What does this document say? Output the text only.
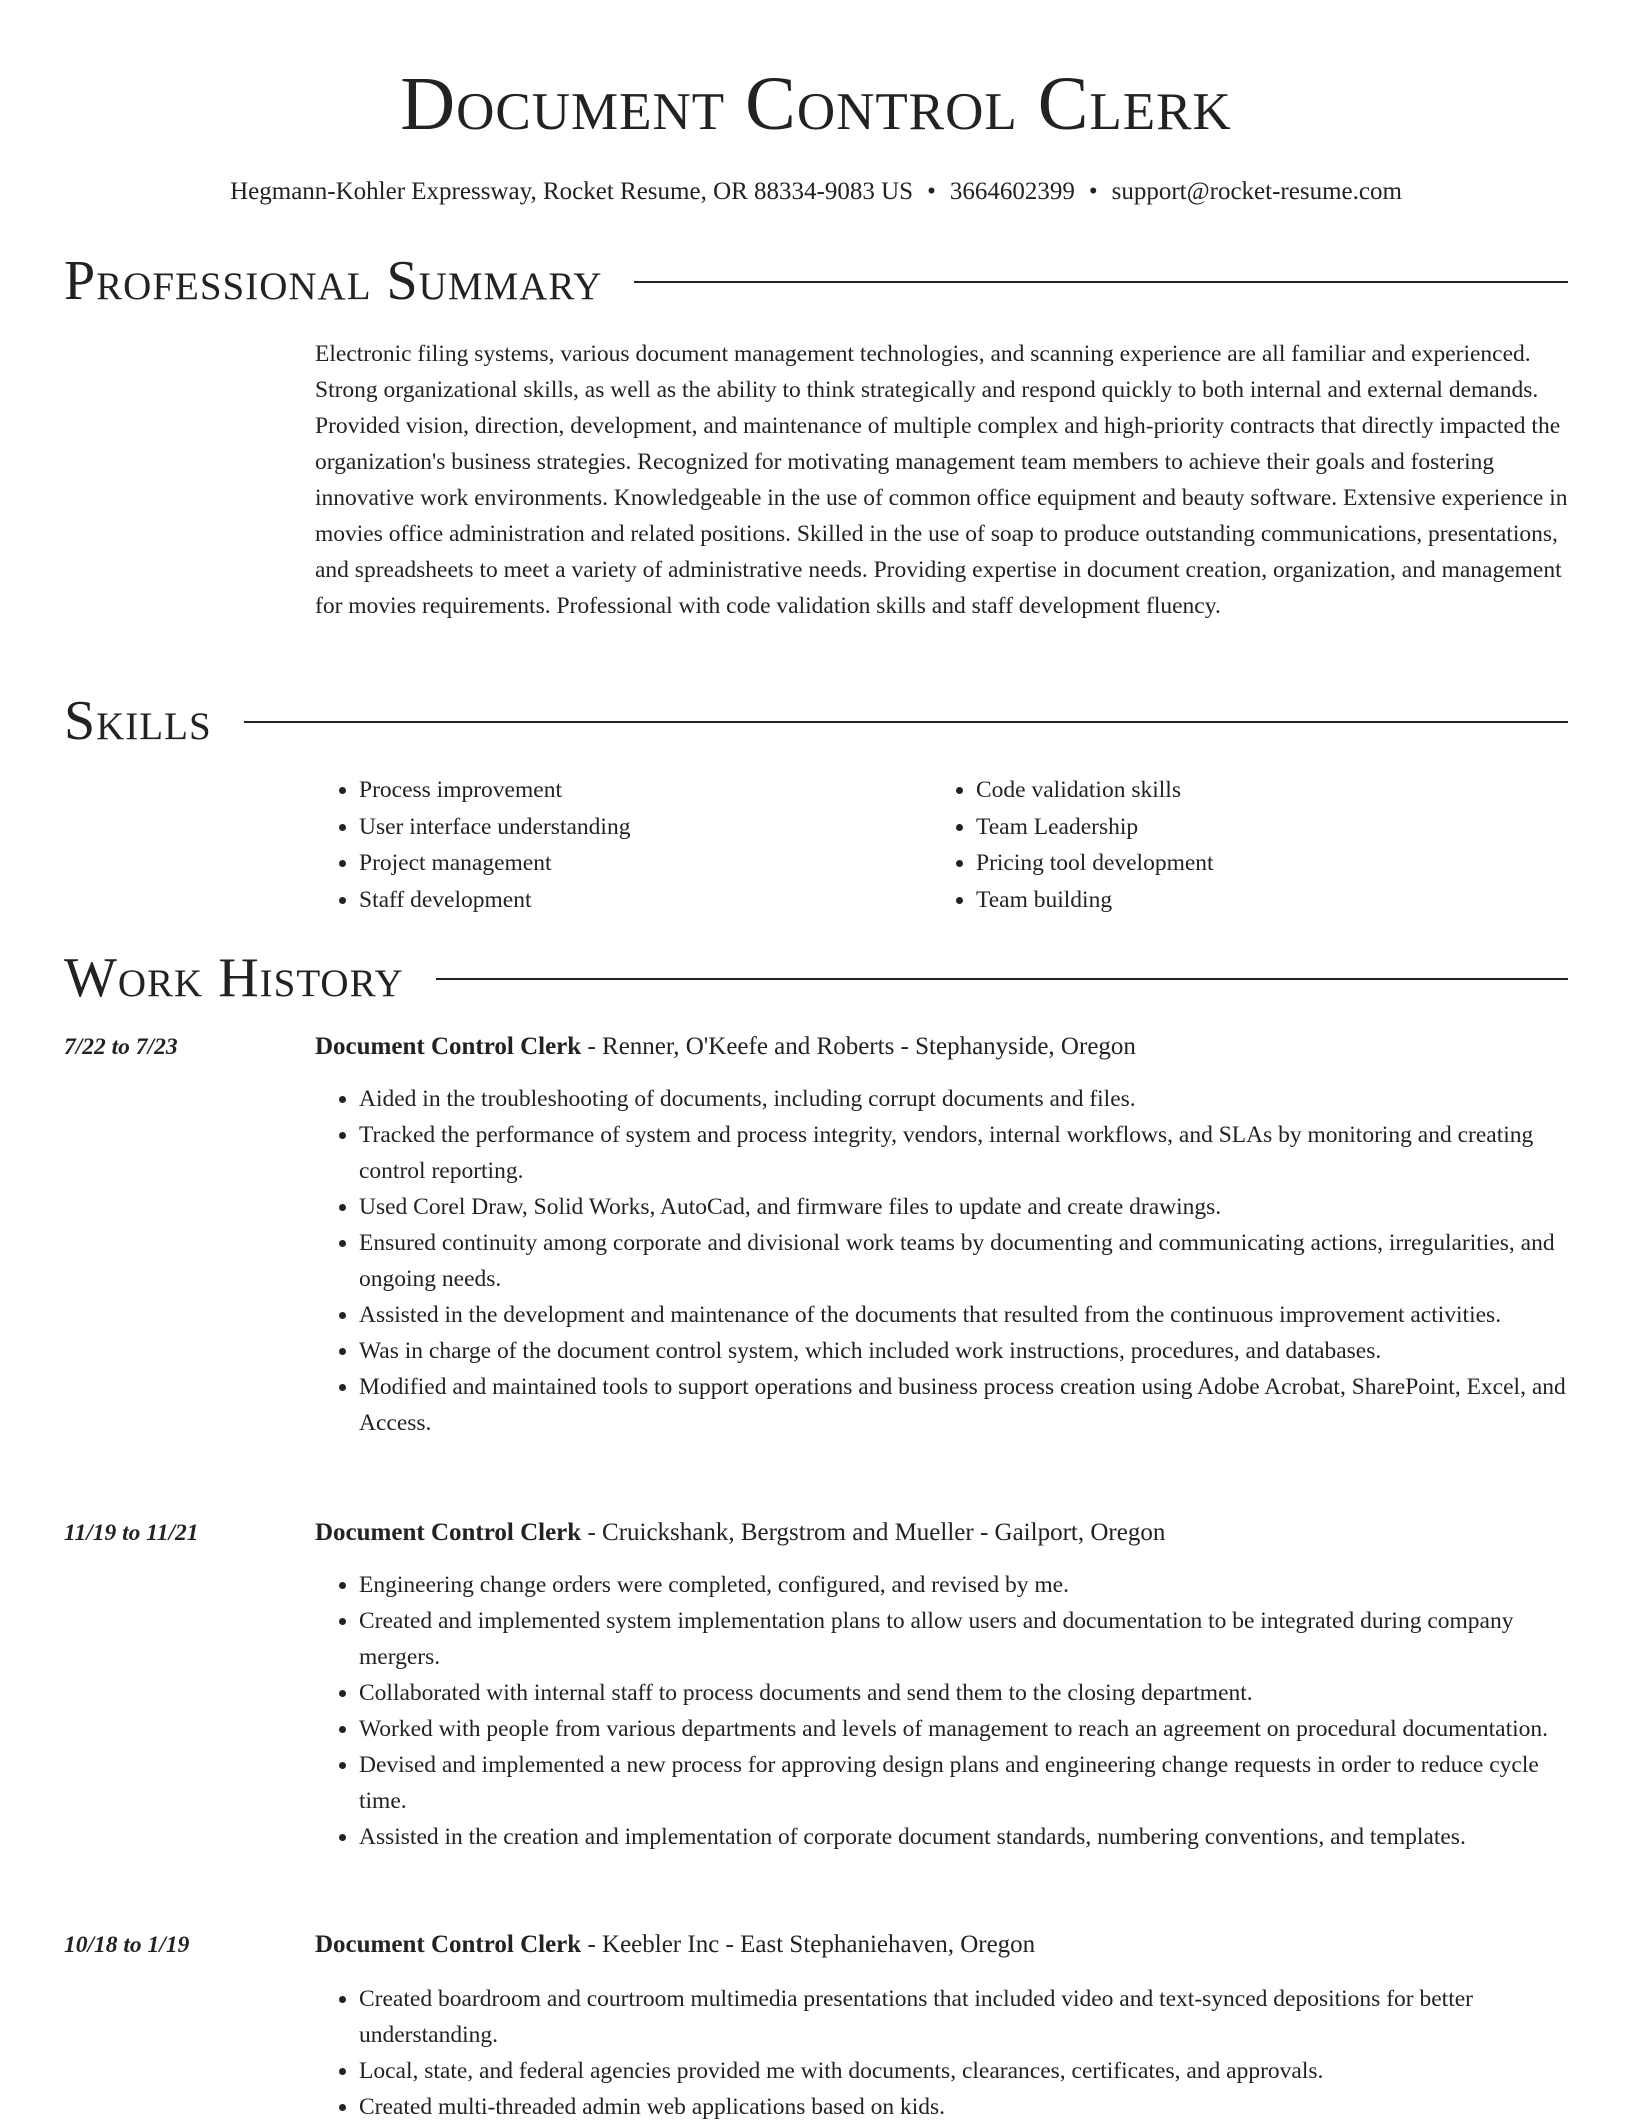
Document Control Clerk
Hegmann-Kohler Expressway, Rocket Resume, OR 88334-9083 US • 3664602399 • support@rocket-resume.com
Professional Summary
Electronic filing systems, various document management technologies, and scanning experience are all familiar and experienced. Strong organizational skills, as well as the ability to think strategically and respond quickly to both internal and external demands. Provided vision, direction, development, and maintenance of multiple complex and high-priority contracts that directly impacted the organization's business strategies. Recognized for motivating management team members to achieve their goals and fostering innovative work environments. Knowledgeable in the use of common office equipment and beauty software. Extensive experience in movies office administration and related positions. Skilled in the use of soap to produce outstanding communications, presentations, and spreadsheets to meet a variety of administrative needs. Providing expertise in document creation, organization, and management for movies requirements. Professional with code validation skills and staff development fluency.
Skills
• Process improvement
• User interface understanding
• Project management
• Staff development
• Code validation skills
• Team Leadership
• Pricing tool development
• Team building
Work History
7/22 to 7/23	Document Control Clerk - Renner, O'Keefe and Roberts - Stephanyside, Oregon
• Aided in the troubleshooting of documents, including corrupt documents and files.
• Tracked the performance of system and process integrity, vendors, internal workflows, and SLAs by monitoring and creating control reporting.
• Used Corel Draw, Solid Works, AutoCad, and firmware files to update and create drawings.
• Ensured continuity among corporate and divisional work teams by documenting and communicating actions, irregularities, and ongoing needs.
• Assisted in the development and maintenance of the documents that resulted from the continuous improvement activities.
• Was in charge of the document control system, which included work instructions, procedures, and databases.
• Modified and maintained tools to support operations and business process creation using Adobe Acrobat, SharePoint, Excel, and Access.
11/19 to 11/21	Document Control Clerk - Cruickshank, Bergstrom and Mueller - Gailport, Oregon
• Engineering change orders were completed, configured, and revised by me.
• Created and implemented system implementation plans to allow users and documentation to be integrated during company mergers.
• Collaborated with internal staff to process documents and send them to the closing department.
• Worked with people from various departments and levels of management to reach an agreement on procedural documentation.
• Devised and implemented a new process for approving design plans and engineering change requests in order to reduce cycle time.
• Assisted in the creation and implementation of corporate document standards, numbering conventions, and templates.
10/18 to 1/19	Document Control Clerk - Keebler Inc - East Stephaniehaven, Oregon
• Created boardroom and courtroom multimedia presentations that included video and text-synced depositions for better understanding.
• Local, state, and federal agencies provided me with documents, clearances, certificates, and approvals.
• Created multi-threaded admin web applications based on kids.
